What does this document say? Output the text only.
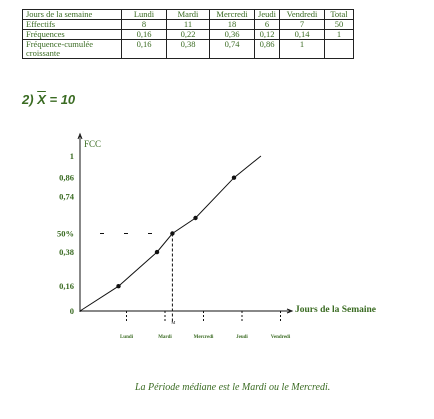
Jours de la semaine	Lundi	Mardi	Mercredi	Jeudi	Vendredi	Total
Effectifs	8	11	18	6	7	50
Fréquences	0,16	0,22	0,36	0,12	0,14	1
Fréquence-cumulée croissante	0,16	0,38	0,74	0,86	1	
2) $\overline{X} = 10$
FCC
Jours de la Semaine
0
0,16
0,38
50%
0,74
0,86
1
Lundi	Mardi	Mercredi	Jeudi	Vendredi
M
La Période médiane est le Mardi ou le Mercredi.
